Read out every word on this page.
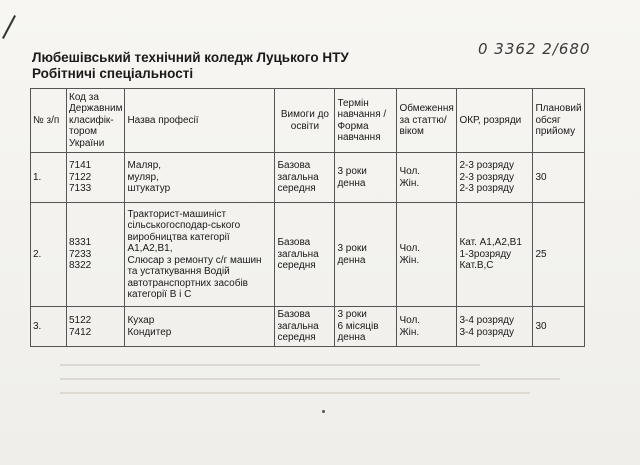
Любешівський технічний коледж Луцького НТУ
Робітничі спеціальності
0 3362 2/680
№ з/п	Код за Державним класифік-тором України	Назва професії	Вимоги до освіти	Термін навчання /Форма навчання	Обмеження за статтю/ віком	ОКР, розряди	Плановий обсяг прийому
1.	7141
7122
7133	Маляр,
муляр,
штукатур	Базова загальна середня	3 роки денна	Чол.
Жін.	2-3 розряду
2-3 розряду
2-3 розряду	30
2.	8331
7233
8322	Тракторист-машиніст сільськогосподар-ського виробництва категорії А1,А2,В1,
Слюсар з ремонту с/г машин та устаткування Водій автотранспортних засобів категорії В і С	Базова загальна середня	3 роки денна	Чол.
Жін.	Кат. А1,А2,В1
1-3розряду
Кат.В,С	25
3.	5122
7412	Кухар
Кондитер	Базова загальна середня	3 роки
6 місяців денна	Чол.
Жін.	3-4 розряду
3-4 розряду	30
